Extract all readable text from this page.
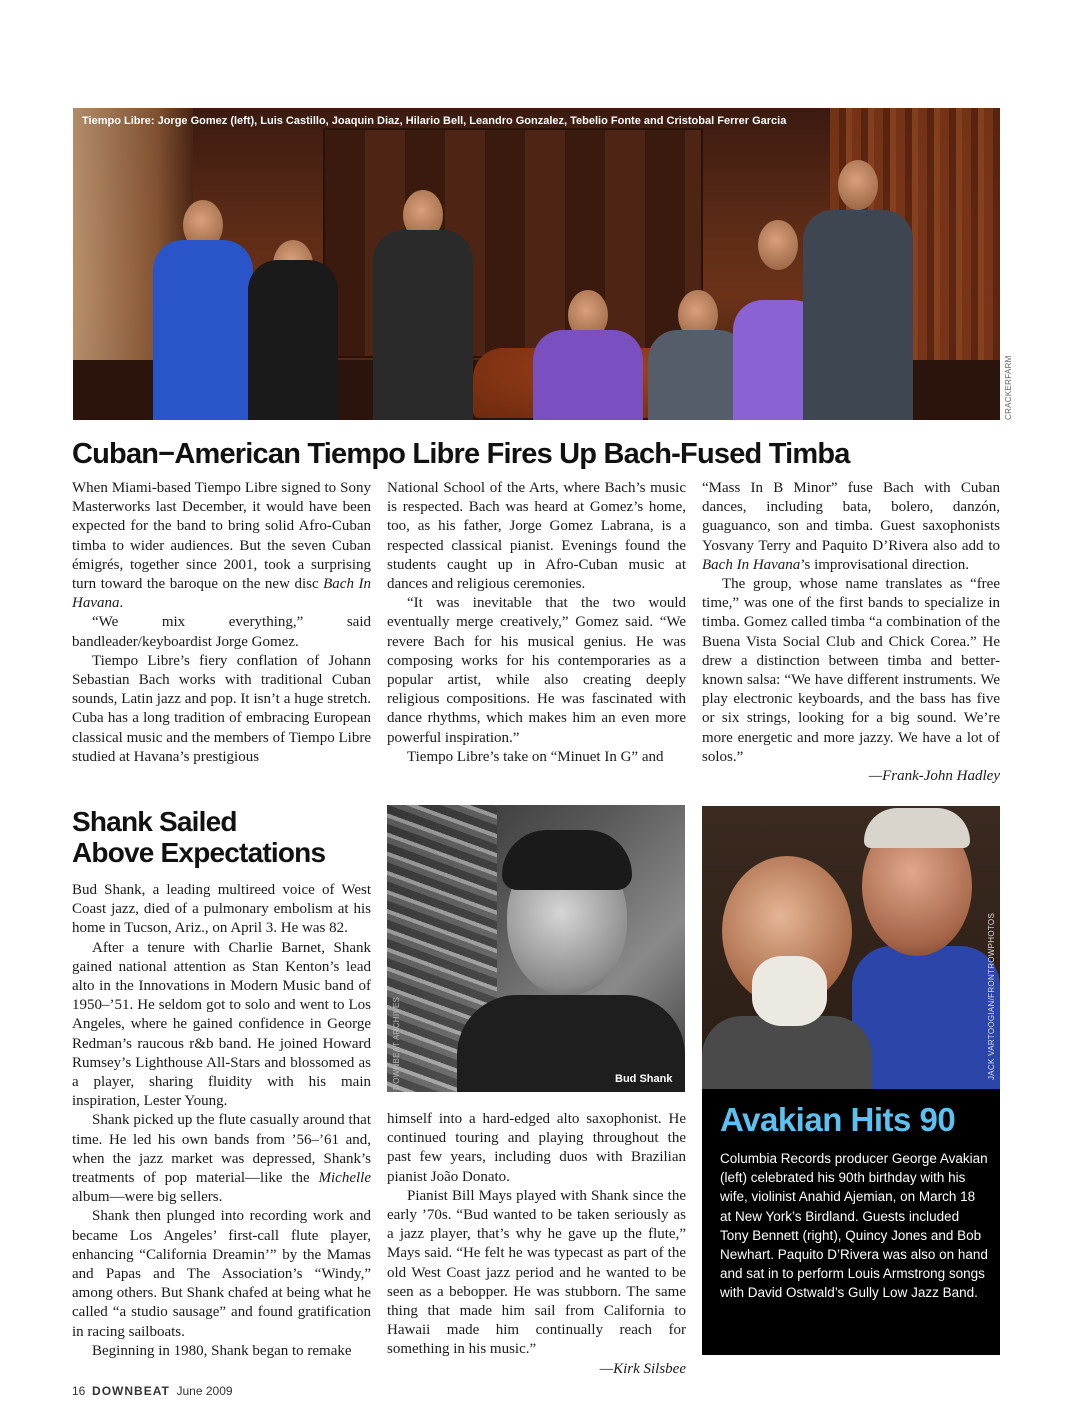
Tiempo Libre: Jorge Gomez (left), Luis Castillo, Joaquin Diaz, Hilario Bell, Leandro Gonzalez, Tebelio Fonte and Cristobal Ferrer Garcia
CRACKERFARM
Cuban−American Tiempo Libre Fires Up Bach-Fused Timba

When Miami-based Tiempo Libre signed to Sony Masterworks last December, it would have been expected for the band to bring solid Afro-Cuban timba to wider audiences. But the seven Cuban émigrés, together since 2001, took a surprising turn toward the baroque on the new disc Bach In Havana.

“We mix everything,” said bandleader/keyboardist Jorge Gomez.

Tiempo Libre’s fiery conflation of Johann Sebastian Bach works with traditional Cuban sounds, Latin jazz and pop. It isn’t a huge stretch. Cuba has a long tradition of embracing European classical music and the members of Tiempo Libre studied at Havana’s prestigious

National School of the Arts, where Bach’s music is respected. Bach was heard at Gomez’s home, too, as his father, Jorge Gomez Labrana, is a respected classical pianist. Evenings found the students caught up in Afro-Cuban music at dances and religious ceremonies.

“It was inevitable that the two would eventually merge creatively,” Gomez said. “We revere Bach for his musical genius. He was composing works for his contemporaries as a popular artist, while also creating deeply religious compositions. He was fascinated with dance rhythms, which makes him an even more powerful inspiration.”

Tiempo Libre’s take on “Minuet In G” and

“Mass In B Minor” fuse Bach with Cuban dances, including bata, bolero, danzón, guaguanco, son and timba. Guest saxophonists Yosvany Terry and Paquito D’Rivera also add to Bach In Havana’s improvisational direction.

The group, whose name translates as “free time,” was one of the first bands to specialize in timba. Gomez called timba “a combination of the Buena Vista Social Club and Chick Corea.” He drew a distinction between timba and better-known salsa: “We have different instruments. We play electronic keyboards, and the bass has five or six strings, looking for a big sound. We’re more energetic and more jazzy. We have a lot of solos.”
—Frank-John Hadley

Shank Sailed
Above Expectations

Bud Shank, a leading multireed voice of West Coast jazz, died of a pulmonary embolism at his home in Tucson, Ariz., on April 3. He was 82.

After a tenure with Charlie Barnet, Shank gained national attention as Stan Kenton’s lead alto in the Innovations in Modern Music band of 1950–’51. He seldom got to solo and went to Los Angeles, where he gained confidence in George Redman’s raucous r&b band. He joined Howard Rumsey’s Lighthouse All-Stars and blossomed as a player, sharing fluidity with his main inspiration, Lester Young.

Shank picked up the flute casually around that time. He led his own bands from ’56–’61 and, when the jazz market was depressed, Shank’s treatments of pop material—like the Michelle album—were big sellers.

Shank then plunged into recording work and became Los Angeles’ first-call flute player, enhancing “California Dreamin’” by the Mamas and Papas and The Association’s “Windy,” among others. But Shank chafed at being what he called “a studio sausage” and found gratification in racing sailboats.

Beginning in 1980, Shank began to remake

Bud Shank
DOWNBEAT ARCHIVES

himself into a hard-edged alto saxophonist. He continued touring and playing throughout the past few years, including duos with Brazilian pianist João Donato.

Pianist Bill Mays played with Shank since the early ’70s. “Bud wanted to be taken seriously as a jazz player, that’s why he gave up the flute,” Mays said. “He felt he was typecast as part of the old West Coast jazz period and he wanted to be seen as a bebopper. He was stubborn. The same thing that made him sail from California to Hawaii made him continually reach for something in his music.”
—Kirk Silsbee

JACK VARTOOGIAN/FRONTROWPHOTOS
Avakian Hits 90
Columbia Records producer George Avakian (left) celebrated his 90th birthday with his wife, violinist Anahid Ajemian, on March 18 at New York’s Birdland. Guests included Tony Bennett (right), Quincy Jones and Bob Newhart. Paquito D’Rivera was also on hand and sat in to perform Louis Armstrong songs with David Ostwald’s Gully Low Jazz Band.
16 DOWNBEAT June 2009
